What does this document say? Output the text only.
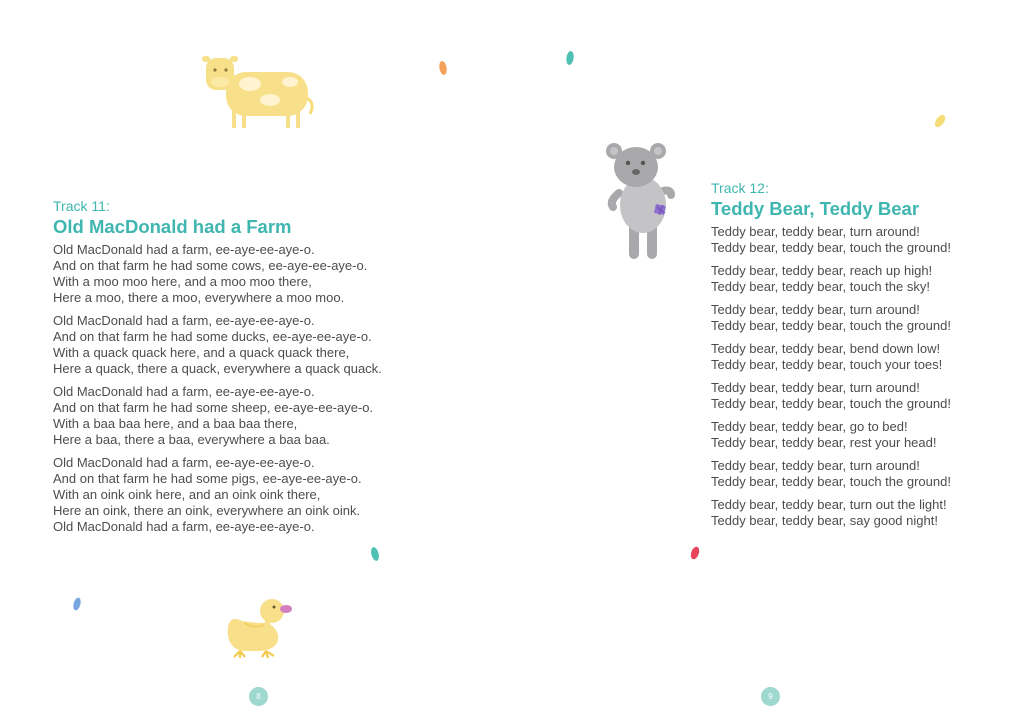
Track 11:
Old MacDonald had a Farm
Old MacDonald had a farm, ee-aye-ee-aye-o.
And on that farm he had some cows, ee-aye-ee-aye-o.
With a moo moo here, and a moo moo there,
Here a moo, there a moo, everywhere a moo moo.
Old MacDonald had a farm, ee-aye-ee-aye-o.
And on that farm he had some ducks, ee-aye-ee-aye-o.
With a quack quack here, and a quack quack there,
Here a quack, there a quack, everywhere a quack quack.
Old MacDonald had a farm, ee-aye-ee-aye-o.
And on that farm he had some sheep, ee-aye-ee-aye-o.
With a baa baa here, and a baa baa there,
Here a baa, there a baa, everywhere a baa baa.
Old MacDonald had a farm, ee-aye-ee-aye-o.
And on that farm he had some pigs, ee-aye-ee-aye-o.
With an oink oink here, and an oink oink there,
Here an oink, there an oink, everywhere an oink oink.
Old MacDonald had a farm, ee-aye-ee-aye-o.
8
Track 12:
Teddy Bear, Teddy Bear
Teddy bear, teddy bear, turn around!
Teddy bear, teddy bear, touch the ground!
Teddy bear, teddy bear, reach up high!
Teddy bear, teddy bear, touch the sky!
Teddy bear, teddy bear, turn around!
Teddy bear, teddy bear, touch the ground!
Teddy bear, teddy bear, bend down low!
Teddy bear, teddy bear, touch your toes!
Teddy bear, teddy bear, turn around!
Teddy bear, teddy bear, touch the ground!
Teddy bear, teddy bear, go to bed!
Teddy bear, teddy bear, rest your head!
Teddy bear, teddy bear, turn around!
Teddy bear, teddy bear, touch the ground!
Teddy bear, teddy bear, turn out the light!
Teddy bear, teddy bear, say good night!
9
